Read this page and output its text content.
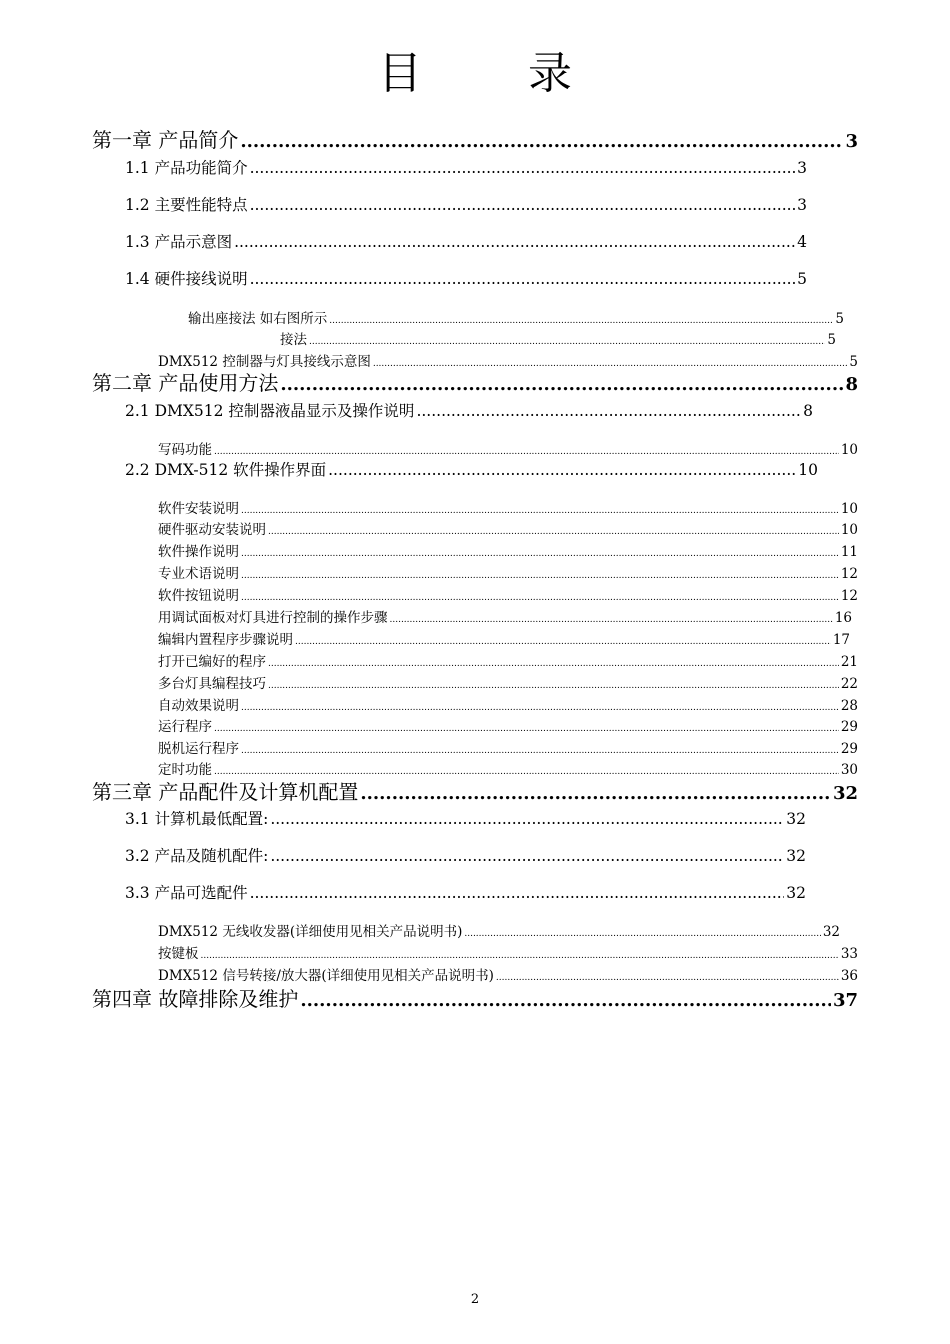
目 录
第一章 产品简介 .....	3
1.1 产品功能简介 .....	3
1.2 主要性能特点 .....	3
1.3 产品示意图 .....	4
1.4 硬件接线说明 .....	5
输出座接法 如右图所示 .....	5
接法 .....	5
DMX512 控制器与灯具接线示意图 .....	5
第二章 产品使用方法 .....	8
2.1 DMX512 控制器液晶显示及操作说明 .....	8
写码功能 .....	10
2.2 DMX-512 软件操作界面 .....	10
软件安装说明 .....	10
硬件驱动安装说明 .....	10
软件操作说明 .....	11
专业术语说明 .....	12
软件按钮说明 .....	12
用调试面板对灯具进行控制的操作步骤 .....	16
编辑内置程序步骤说明 .....	17
打开已编好的程序 .....	21
多台灯具编程技巧 .....	22
自动效果说明 .....	28
运行程序 .....	29
脱机运行程序 .....	29
定时功能 .....	30
第三章 产品配件及计算机配置 .....	32
3.1 计算机最低配置: .....	32
3.2 产品及随机配件: .....	32
3.3 产品可选配件 .....	32
DMX512 无线收发器(详细使用见相关产品说明书) .....	32
按键板 .....	33
DMX512 信号转接/放大器(详细使用见相关产品说明书) .....	36
第四章 故障排除及维护 .....	37
2
